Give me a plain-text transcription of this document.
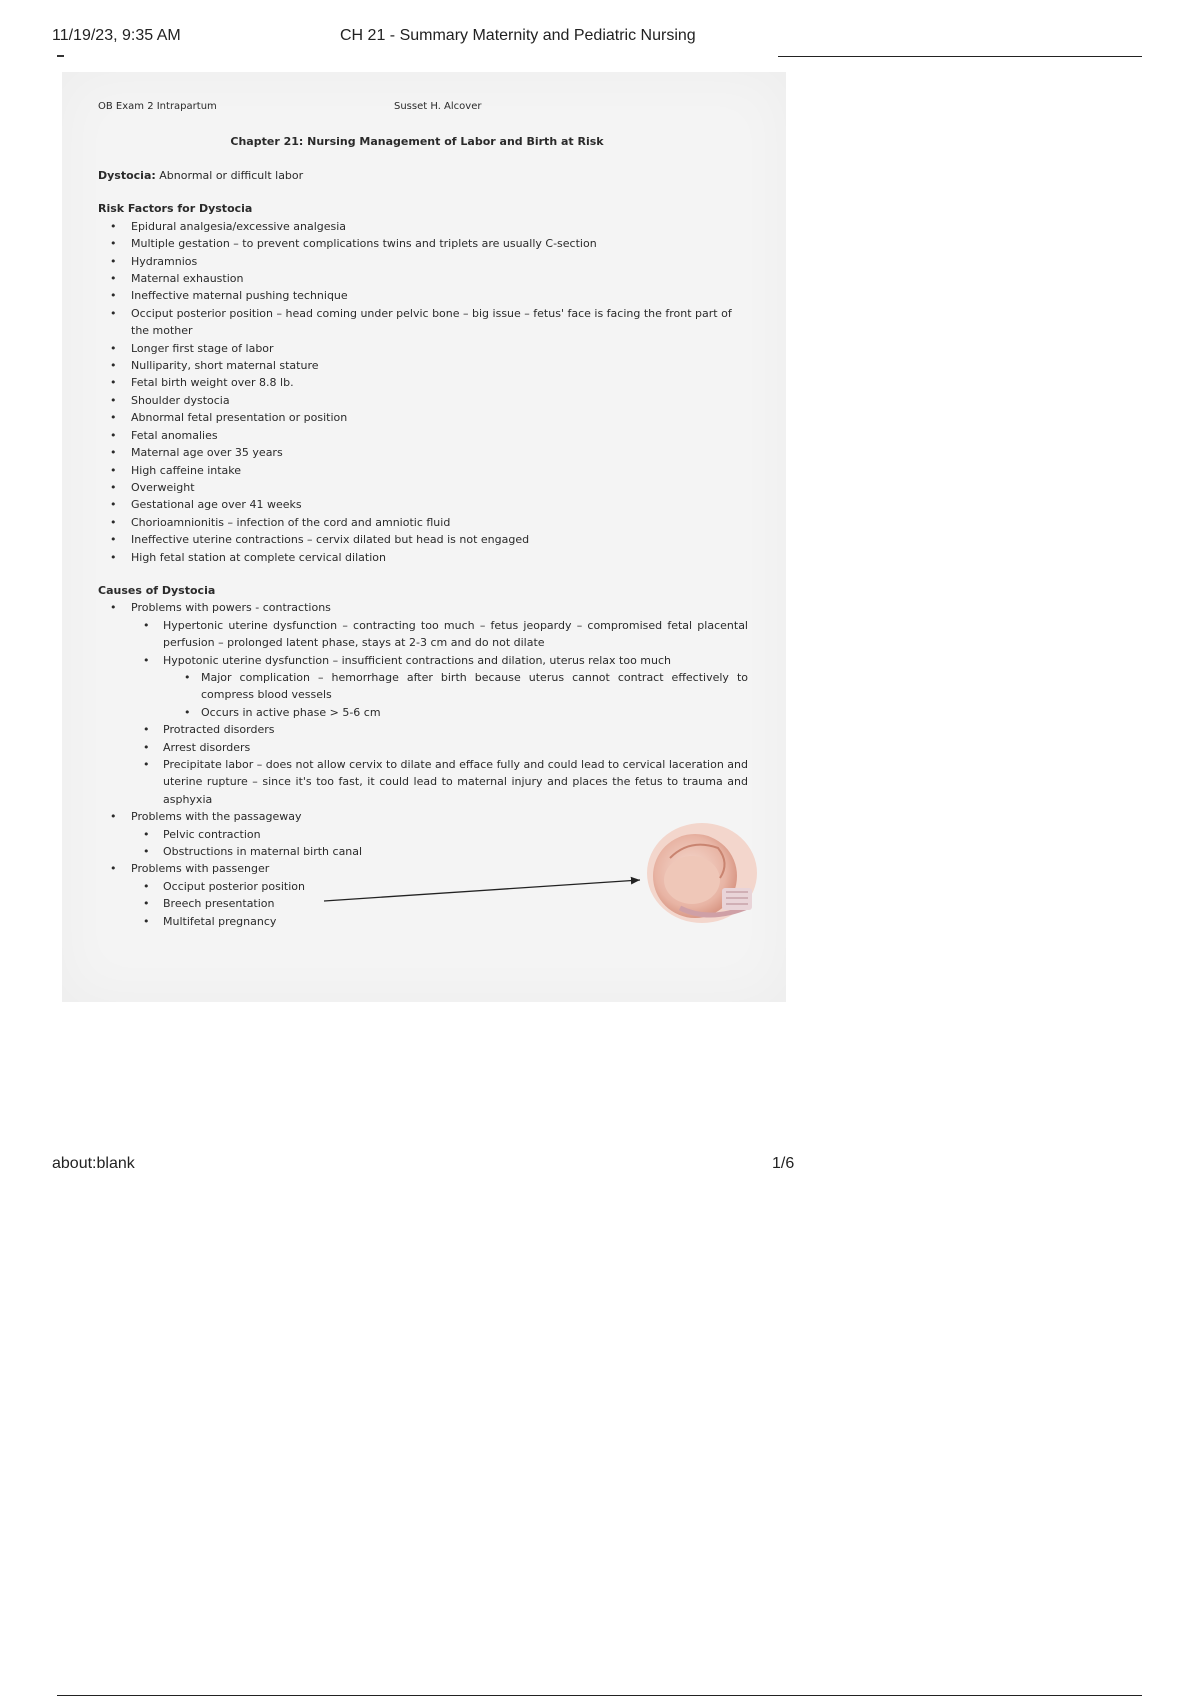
11/19/23, 9:35 AM	CH 21 - Summary Maternity and Pediatric Nursing
OB Exam 2 Intrapartum	Susset H. Alcover
Chapter 21: Nursing Management of Labor and Birth at Risk
Dystocia: Abnormal or difficult labor
Risk Factors for Dystocia
• Epidural analgesia/excessive analgesia
• Multiple gestation – to prevent complications twins and triplets are usually C-section
• Hydramnios
• Maternal exhaustion
• Ineffective maternal pushing technique
• Occiput posterior position – head coming under pelvic bone – big issue – fetus' face is facing the front part of the mother
• Longer first stage of labor
• Nulliparity, short maternal stature
• Fetal birth weight over 8.8 lb.
• Shoulder dystocia
• Abnormal fetal presentation or position
• Fetal anomalies
• Maternal age over 35 years
• High caffeine intake
• Overweight
• Gestational age over 41 weeks
• Chorioamnionitis – infection of the cord and amniotic fluid
• Ineffective uterine contractions – cervix dilated but head is not engaged
• High fetal station at complete cervical dilation
Causes of Dystocia
• Problems with powers - contractions
• Hypertonic uterine dysfunction – contracting too much – fetus jeopardy – compromised fetal placental perfusion – prolonged latent phase, stays at 2-3 cm and do not dilate
• Hypotonic uterine dysfunction – insufficient contractions and dilation, uterus relax too much
• Major complication – hemorrhage after birth because uterus cannot contract effectively to compress blood vessels
• Occurs in active phase > 5-6 cm
• Protracted disorders
• Arrest disorders
• Precipitate labor – does not allow cervix to dilate and efface fully and could lead to cervical laceration and uterine rupture – since it's too fast, it could lead to maternal injury and places the fetus to trauma and asphyxia
• Problems with the passageway
• Pelvic contraction
• Obstructions in maternal birth canal
• Problems with passenger
• Occiput posterior position
• Breech presentation
• Multifetal pregnancy
about:blank	1/6
